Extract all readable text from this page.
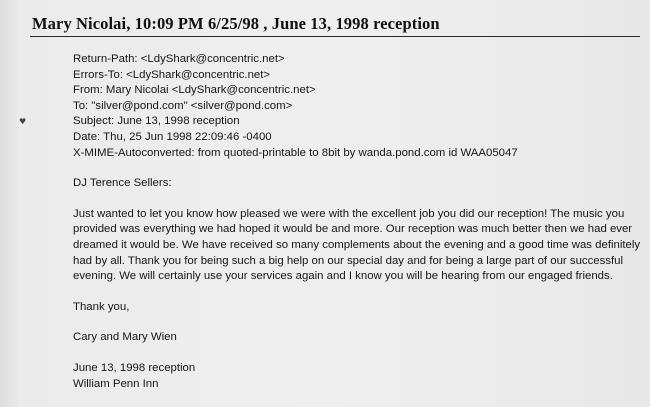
Mary Nicolai, 10:09 PM 6/25/98 , June 13, 1998 reception
♥
Return-Path: <LdyShark@concentric.net>
Errors-To: <LdyShark@concentric.net>
From: Mary Nicolai <LdyShark@concentric.net>
To: "silver@pond.com" <silver@pond.com>
Subject: June 13, 1998 reception
Date: Thu, 25 Jun 1998 22:09:46 -0400
X-MIME-Autoconverted: from quoted-printable to 8bit by wanda.pond.com id WAA05047
DJ Terence Sellers:
Just wanted to let you know how pleased we were with the excellent job you did our reception! The music you
provided was everything we had hoped it would be and more. Our reception was much better then we had ever
dreamed it would be. We have received so many complements about the evening and a good time was definitely
had by all. Thank you for being such a big help on our special day and for being a large part of our successful
evening. We will certainly use your services again and I know you will be hearing from our engaged friends.
Thank you,
Cary and Mary Wien
June 13, 1998 reception
William Penn Inn
